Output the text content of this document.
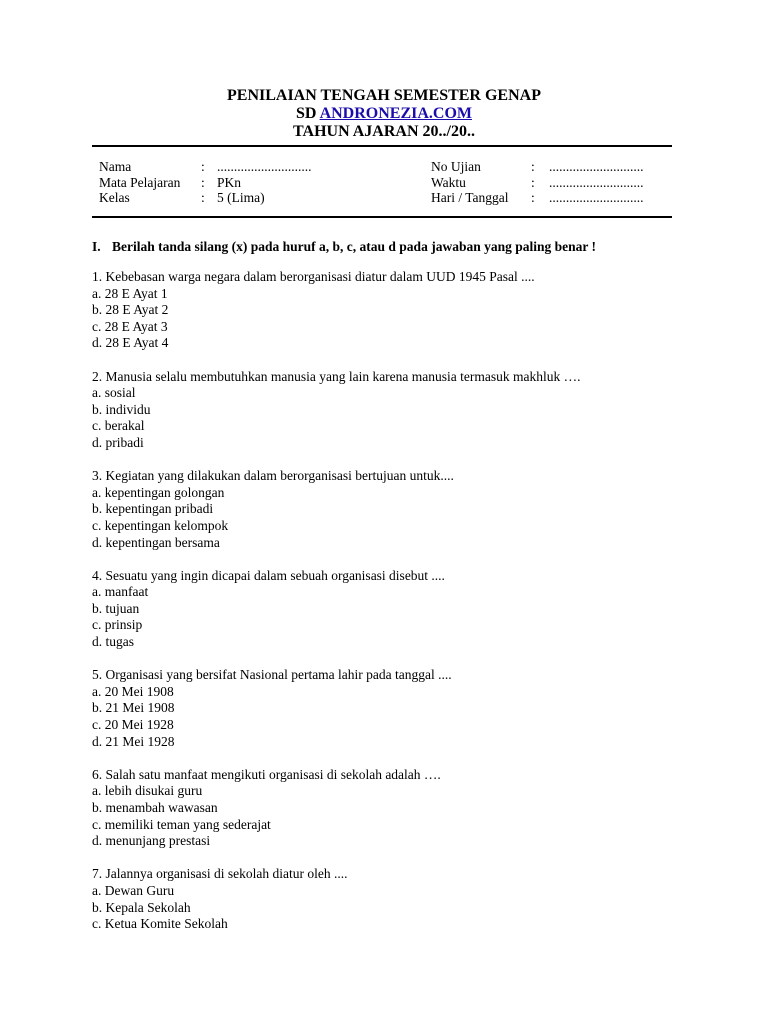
PENILAIAN TENGAH SEMESTER GENAP
SD ANDRONEZIA.COM
TAHUN AJARAN 20../20..
Nama	: ............................
Mata Pelajaran	: PKn
Kelas	: 5 (Lima)
No Ujian	:	............................
Waktu	:	............................
Hari / Tanggal	:	............................
I. Berilah tanda silang (x) pada huruf a, b, c, atau d pada jawaban yang paling benar !
1. Kebebasan warga negara dalam berorganisasi diatur dalam UUD 1945 Pasal ....
a. 28 E Ayat 1
b. 28 E Ayat 2
c. 28 E Ayat 3
d. 28 E Ayat 4
2. Manusia selalu membutuhkan manusia yang lain karena manusia termasuk makhluk ….
a. sosial
b. individu
c. berakal
d. pribadi
3. Kegiatan yang dilakukan dalam berorganisasi bertujuan untuk....
a. kepentingan golongan
b. kepentingan pribadi
c. kepentingan kelompok
d. kepentingan bersama
4. Sesuatu yang ingin dicapai dalam sebuah organisasi disebut ....
a. manfaat
b. tujuan
c. prinsip
d. tugas
5. Organisasi yang bersifat Nasional pertama lahir pada tanggal ....
a. 20 Mei 1908
b. 21 Mei 1908
c. 20 Mei 1928
d. 21 Mei 1928
6. Salah satu manfaat mengikuti organisasi di sekolah adalah ….
a. lebih disukai guru
b. menambah wawasan
c. memiliki teman yang sederajat
d. menunjang prestasi
7. Jalannya organisasi di sekolah diatur oleh ....
a. Dewan Guru
b. Kepala Sekolah
c. Ketua Komite Sekolah
